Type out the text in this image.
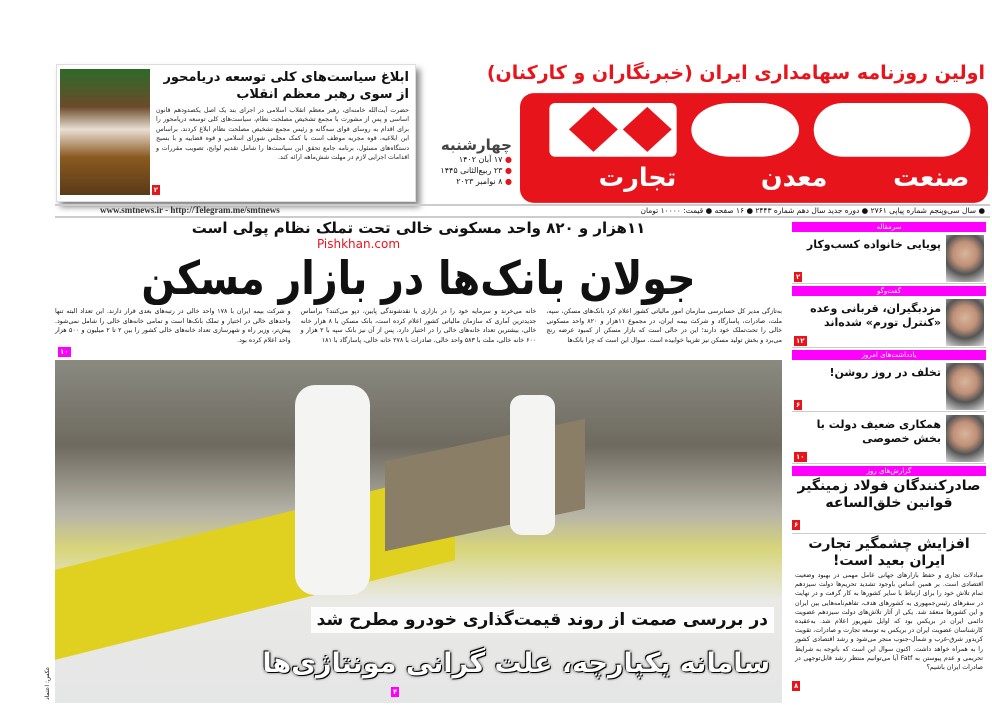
اولین روزنامه سهامداری ایران (خبرنگاران و کارکنان)
صنعت
معدن
تجارت
چهارشنبه
● ۱۷ آبان ۱۴۰۲
● ۲۳ ربیع‌الثانی ۱۴۴۵
● ۸ نوامبر ۲۰۲۳
ابلاغ سیاست‌های کلی توسعه دریامحور از سوی رهبر معظم انقلاب

حضرت آیت‌الله خامنه‌ای، رهبر معظم انقلاب اسلامی در اجرای بند یک اصل یکصدودهم قانون اساسی و پس از مشورت با مجمع تشخیص مصلحت نظام، سیاست‌های کلی توسعه دریامحور را برای اقدام به روسای قوای سه‌گانه و رئیس مجمع تشخیص مصلحت نظام ابلاغ کردند. براساس این ابلاغیه، قوه مجریه موظف است با کمک مجلس شورای اسلامی و قوه قضاییه و با بسیج دستگاه‌های مسئول، برنامه جامع تحقق این سیاست‌ها را شامل تقدیم لوایح، تصویب مقررات و اقدامات اجرایی لازم در مهلت شش‌ماهه ارائه کند.

۲
www.smtnews.ir - http://Telegram.me/smtnews	● سال سی‌وپنجم شماره پیاپی ۲۷۶۱ ● دوره جدید سال دهم شماره ۲۴۴۳ ● ۱۶ صفحه ● قیمت: ۱۰۰۰۰ تومان
۱۱هزار و ۸۲۰ واحد مسکونی خالی تحت تملک نظام پولی است
Pishkhan.com
جولان بانک‌ها در بازار مسکن

به‌تازگی مدیر کل حسابرسی سازمان امور مالیاتی کشور اعلام کرد بانک‌های مسکن، سپه، ملت، صادرات، پاسارگاد و شرکت بیمه ایران، در مجموع ۱۱هزار و ۸۲۰ واحد مسکونی خالی را تحت‌تملک خود دارند؛ این در حالی است که بازار مسکن از کمبود عرضه رنج می‌برد و بخش تولید مسکن نیز تقریبا خوابیده است. سوال این است که چرا بانک‌ها

خانه می‌خرند و سرمایه خود را در بازاری با نقدشوندگی پایین، دپو می‌کنند؟ براساس جدیدترین آماری که سازمان مالیاتی کشور اعلام کرده است، بانک مسکن با ۸ هزار خانه خالی، بیشترین تعداد خانه‌های خالی را در اختیار دارد. پس از آن نیز بانک سپه با ۲ هزار و ۶۰۰ خانه خالی، ملت با ۵۸۳ واحد خالی، صادرات با ۲۷۸ خانه خالی، پاسارگاد با ۱۸۱

و شرکت بیمه ایران با ۱۷۸ واحد خالی در رتبه‌های بعدی قرار دارند. این تعداد البته تنها واحدهای خالی در اختیار و تملک بانک‌ها است و تمامی خانه‌های خالی را شامل نمی‌شود. پیش‌تر، وزیر راه و شهرسازی تعداد خانه‌های خالی کشور را بین ۲ تا ۲ میلیون و ۵۰۰ هزار واحد اعلام کرده بود.

۱۰
در بررسی صمت از روند قیمت‌گذاری خودرو مطرح شد
سامانه یکپارچه، علت گرانی مونتاژی‌ها
۴
عکس: اعتماد
سرمقاله
پویایی خانواده کسب‌وکار
۲
گفت‌وگو
مزدبگیران، قربانی وعده «کنترل تورم» شده‌اند
۱۲
یادداشت‌های امروز
تخلف در روز روشن!
۶
همکاری ضعیف دولت با بخش خصوصی
۱۰
گزارش‌های روز
صادرکنندگان فولاد زمینگیر قوانین خلق‌الساعه
۶
افزایش چشمگیر تجارت ایران بعید است!

مبادلات تجاری و حفظ بازارهای جهانی عامل مهمی در بهبود وضعیت اقتصادی است. بر همین اساس باوجود تشدید تحریم‌ها دولت سیزدهم تمام تلاش خود را برای ارتباط با سایر کشورها به کار گرفت و در نهایت در سفرهای رئیس‌جمهوری به کشورهای هدف، تفاهم‌نامه‌هایی بین ایران و این کشورها منعقد شد. یکی از آثار تلاش‌های دولت سیزدهم عضویت دائمی ایران در بریکس بود که اوایل شهریور اعلام شد. به‌عقیده کارشناسان عضویت ایران در بریکس به توسعه تجارت و صادرات، تقویت کریدور شرق-غرب و شمال-جنوب منجر می‌شود و رشد اقتصادی کشور را به همراه خواهد داشت. اکنون سوال این است که باتوجه به شرایط تحریمی و عدم پیوستن به Fatf آیا می‌توانیم منتظر رشد قابل‌توجهی در صادرات ایران باشیم؟

۸
